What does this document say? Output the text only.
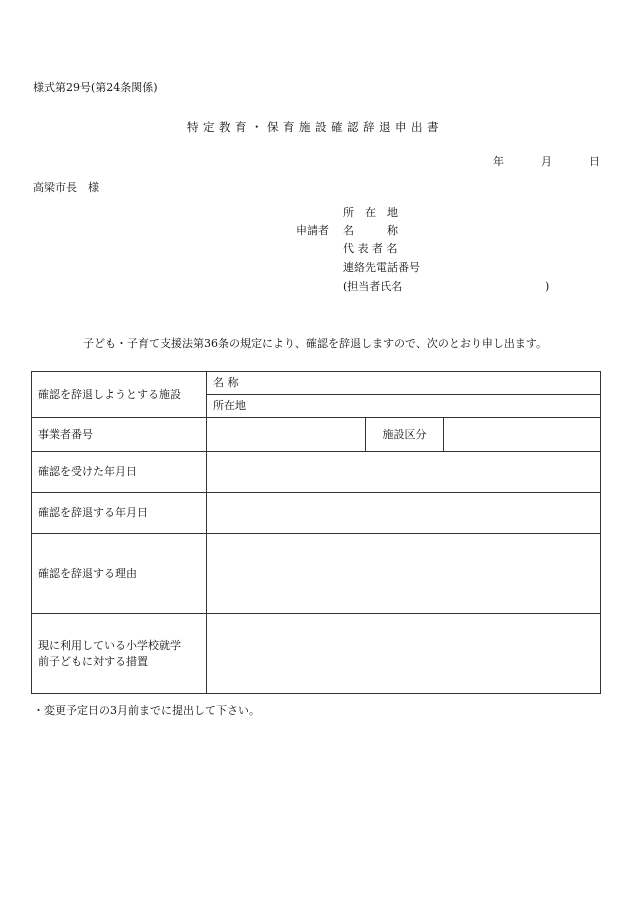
様式第29号(第24条関係)
特定教育・保育施設確認辞退申出書
年	月	日
高梁市長　様
申請者
所　在　地
名　　　称
代 表 者 名
連絡先電話番号
(担当者氏名	)
子ども・子育て支援法第36条の規定により、確認を辞退しますので、次のとおり申し出ます。
確認を辞退しようとする施設	名 称		
	所在地		
事業者番号		施設区分	
確認を受けた年月日			
確認を辞退する年月日			
確認を辞退する理由			

現に利用している小学校就学
前子どもに対する措置			

・変更予定日の3月前までに提出して下さい。
